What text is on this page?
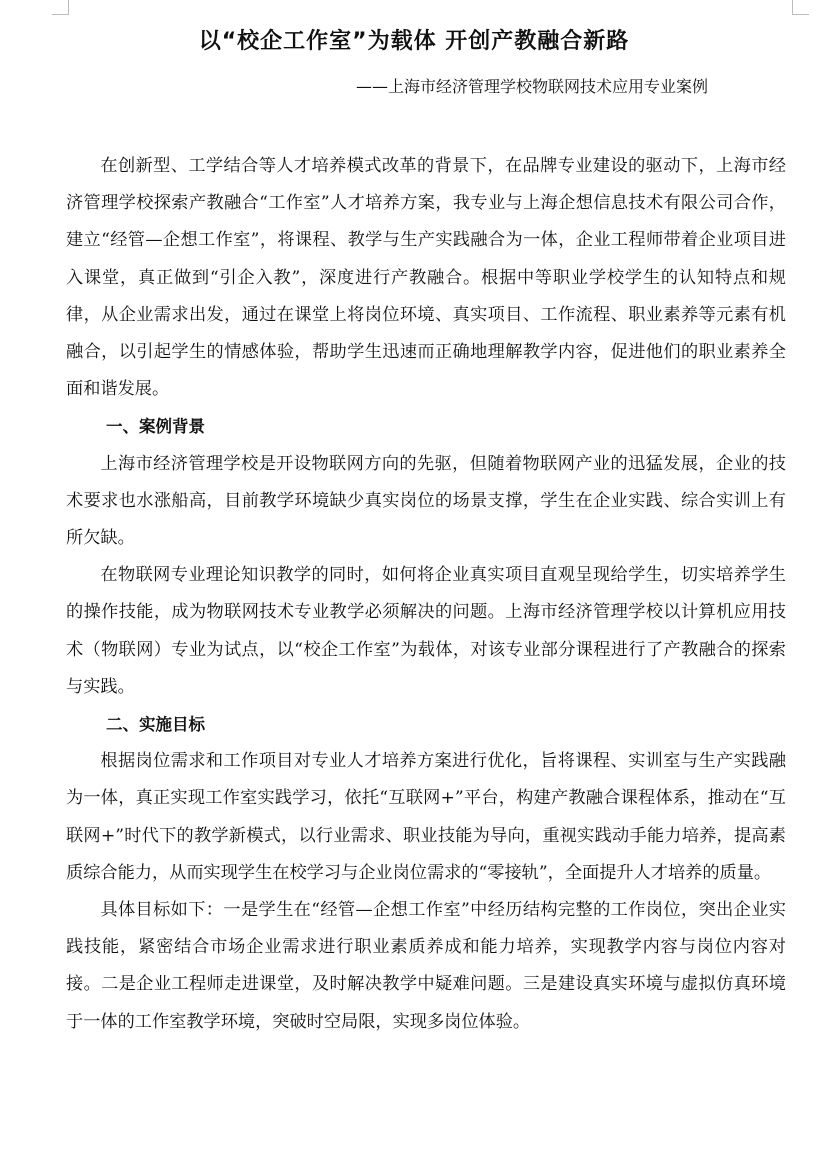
以“校企工作室”为载体 开创产教融合新路
——上海市经济管理学校物联网技术应用专业案例

在创新型、工学结合等人才培养模式改革的背景下，在品牌专业建设的驱动下，上海市经济管理学校探索产教融合“工作室”人才培养方案，我专业与上海企想信息技术有限公司合作，建立“经管—企想工作室”，将课程、教学与生产实践融合为一体，企业工程师带着企业项目进入课堂，真正做到“引企入教”，深度进行产教融合。根据中等职业学校学生的认知特点和规律，从企业需求出发，通过在课堂上将岗位环境、真实项目、工作流程、职业素养等元素有机融合，以引起学生的情感体验，帮助学生迅速而正确地理解教学内容，促进他们的职业素养全面和谐发展。

一、案例背景

上海市经济管理学校是开设物联网方向的先驱，但随着物联网产业的迅猛发展，企业的技术要求也水涨船高，目前教学环境缺少真实岗位的场景支撑，学生在企业实践、综合实训上有所欠缺。

在物联网专业理论知识教学的同时，如何将企业真实项目直观呈现给学生，切实培养学生的操作技能，成为物联网技术专业教学必须解决的问题。上海市经济管理学校以计算机应用技术（物联网）专业为试点，以“校企工作室”为载体，对该专业部分课程进行了产教融合的探索与实践。

二、实施目标

根据岗位需求和工作项目对专业人才培养方案进行优化，旨将课程、实训室与生产实践融为一体，真正实现工作室实践学习，依托“互联网+”平台，构建产教融合课程体系，推动在“互联网+”时代下的教学新模式，以行业需求、职业技能为导向，重视实践动手能力培养，提高素质综合能力，从而实现学生在校学习与企业岗位需求的“零接轨”，全面提升人才培养的质量。

具体目标如下：一是学生在“经管—企想工作室”中经历结构完整的工作岗位，突出企业实践技能，紧密结合市场企业需求进行职业素质养成和能力培养，实现教学内容与岗位内容对接。二是企业工程师走进课堂，及时解决教学中疑难问题。三是建设真实环境与虚拟仿真环境于一体的工作室教学环境，突破时空局限，实现多岗位体验。
